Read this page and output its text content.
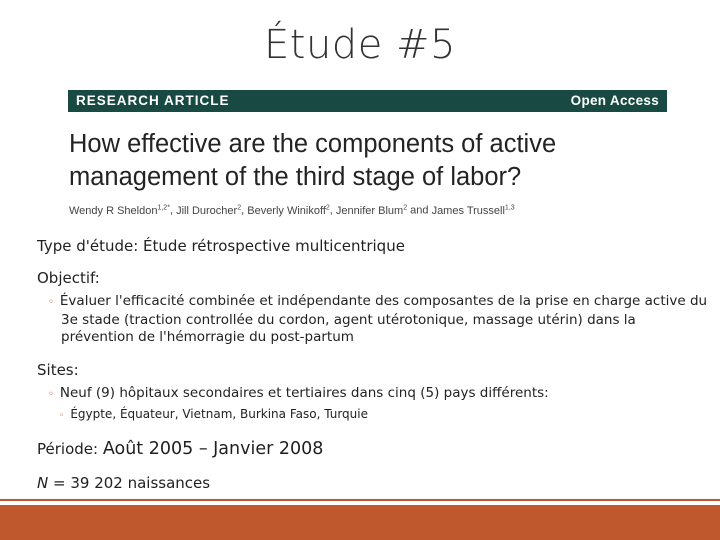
Étude #5
RESEARCH ARTICLE	Open Access
How effective are the components of active
management of the third stage of labor?
Wendy R Sheldon$^{1,2*}$, Jill Durocher$^2$, Beverly Winikoff$^2$, Jennifer Blum$^2$ and James Trussell$^{1,3}$
Type d'étude: Étude rétrospective multicentrique
Objectif:
◦ Évaluer l'efficacité combinée et indépendante des composantes de la prise en charge active du 3e stade (traction controllée du cordon, agent utérotonique, massage utérin) dans la prévention de l'hémorragie du post-partum
Sites:
◦ Neuf (9) hôpitaux secondaires et tertiaires dans cinq (5) pays différents:
◦ Égypte, Équateur, Vietnam, Burkina Faso, Turquie
Période: Août 2005 – Janvier 2008
N = 39 202 naissances
